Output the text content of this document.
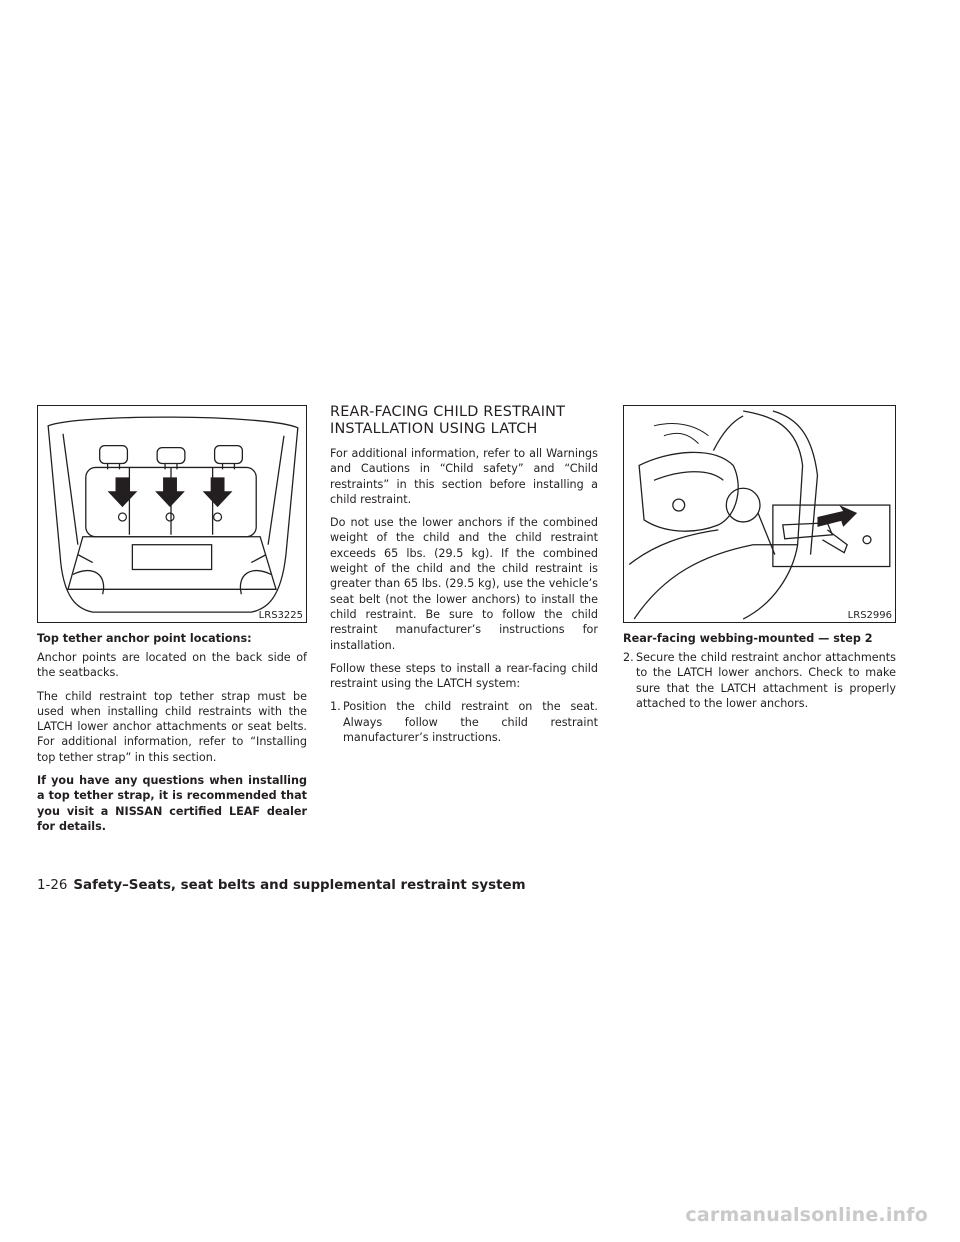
LRS3225
Top tether anchor point locations:

Anchor points are located on the back side of the seatbacks.

The child restraint top tether strap must be used when installing child restraints with the LATCH lower anchor attachments or seat belts. For additional information, refer to “Installing top tether strap” in this section.

If you have any questions when installing a top tether strap, it is recommended that you visit a NISSAN certified LEAF dealer for details.

REAR-FACING CHILD RESTRAINT
INSTALLATION USING LATCH

For additional information, refer to all Warnings and Cautions in “Child safety” and “Child restraints” in this section before installing a child restraint.

Do not use the lower anchors if the combined weight of the child and the child restraint exceeds 65 lbs. (29.5 kg). If the combined weight of the child and the child restraint is greater than 65 lbs. (29.5 kg), use the vehicle’s seat belt (not the lower anchors) to install the child restraint. Be sure to follow the child restraint manufacturer’s instructions for installation.

Follow these steps to install a rear-facing child restraint using the LATCH system:

1. Position the child restraint on the seat. Always follow the child restraint manufacturer’s instructions.
LRS2996
Rear-facing webbing-mounted — step 2
2. Secure the child restraint anchor attachments to the LATCH lower anchors. Check to make sure that the LATCH attachment is properly attached to the lower anchors.
1-26 Safety–Seats, seat belts and supplemental restraint system
carmanualsonline.info
